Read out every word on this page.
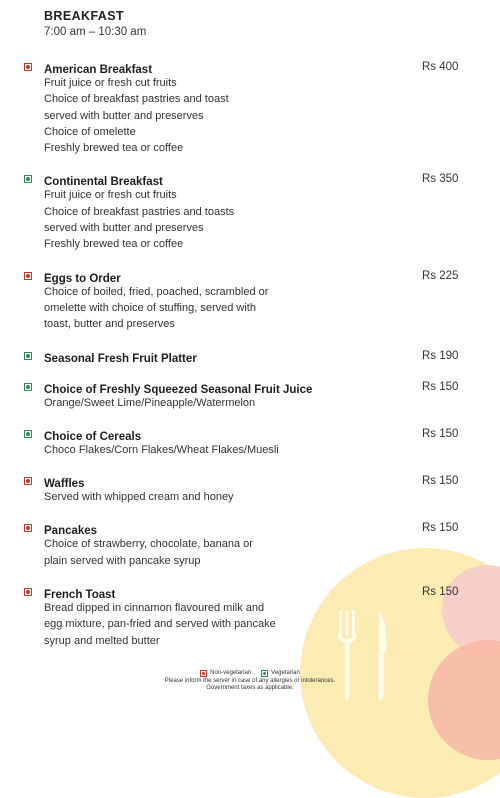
BREAKFAST
7:00 am – 10:30 am
American Breakfast	Rs 400
Fruit juice or fresh cut fruits
Choice of breakfast pastries and toast
served with butter and preserves
Choice of omelette
Freshly brewed tea or coffee
Continental Breakfast	Rs 350
Fruit juice or fresh cut fruits
Choice of breakfast pastries and toasts
served with butter and preserves
Freshly brewed tea or coffee
Eggs to Order	Rs 225
Choice of boiled, fried, poached, scrambled or
omelette with choice of stuffing, served with
toast, butter and preserves
Seasonal Fresh Fruit Platter	Rs 190
Choice of Freshly Squeezed Seasonal Fruit Juice	Rs 150
Orange/Sweet Lime/Pineapple/Watermelon
Choice of Cereals	Rs 150
Choco Flakes/Corn Flakes/Wheat Flakes/Muesli
Waffles	Rs 150
Served with whipped cream and honey
Pancakes	Rs 150
Choice of strawberry, chocolate, banana or
plain served with pancake syrup
French Toast	Rs 150
Bread dipped in cinnamon flavoured milk and
egg mixture, pan-fried and served with pancake
syrup and melted butter
Non-vegetarian	Vegetarian
Please inform the server in case of any allergies or intolerances.
Government taxes as applicable.
